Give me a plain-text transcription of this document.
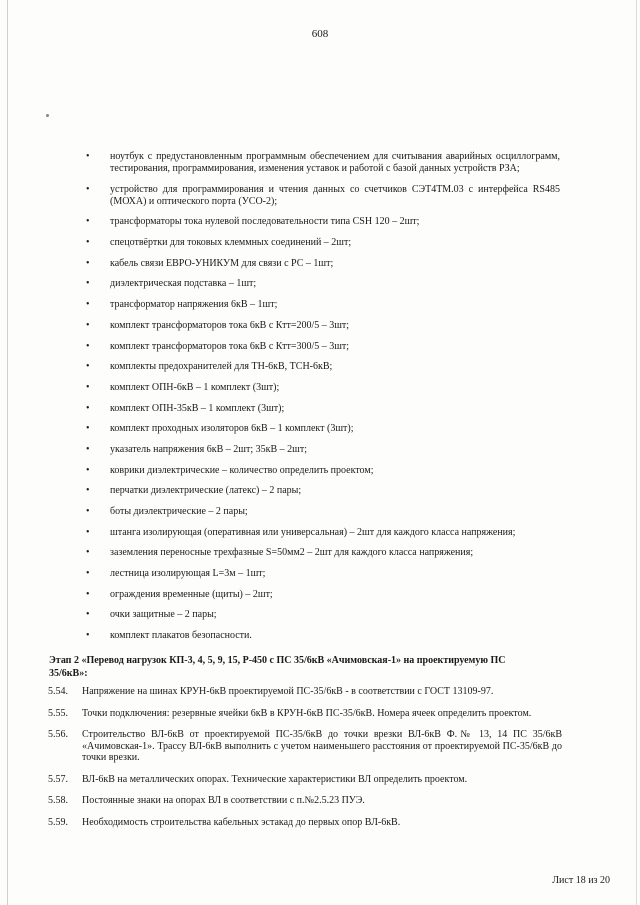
608
• ноутбук с предустановленным программным обеспечением для считывания аварийных осциллограмм, тестирования, программирования, изменения уставок и работой с базой данных устройств РЗА;
• устройство для программирования и чтения данных со счетчиков СЭТ4ТМ.03 с интерфейса RS485 (МОХА) и оптического порта (УСО-2);
• трансформаторы тока нулевой последовательности типа CSH 120 – 2шт;
• спецотвёртки для токовых клеммных соединений – 2шт;
• кабель связи ЕВРО-УНИКУМ для связи с РС – 1шт;
• диэлектрическая подставка – 1шт;
• трансформатор напряжения 6кВ – 1шт;
• комплект трансформаторов тока 6кВ с Ктт=200/5 – 3шт;
• комплект трансформаторов тока 6кВ с Ктт=300/5 – 3шт;
• комплекты предохранителей для ТН-6кВ, ТСН-6кВ;
• комплект ОПН-6кВ – 1 комплект (3шт);
• комплект ОПН-35кВ – 1 комплект (3шт);
• комплект проходных изоляторов 6кВ – 1 комплект (3шт);
• указатель напряжения 6кВ – 2шт; 35кВ – 2шт;
• коврики диэлектрические – количество определить проектом;
• перчатки диэлектрические (латекс) – 2 пары;
• боты диэлектрические – 2 пары;
• штанга изолирующая (оперативная или универсальная) – 2шт для каждого класса напряжения;
• заземления переносные трехфазные S=50мм2 – 2шт для каждого класса напряжения;
• лестница изолирующая L=3м – 1шт;
• ограждения временные (щиты) – 2шт;
• очки защитные – 2 пары;
• комплект плакатов безопасности.
Этап 2 «Перевод нагрузок КП-3, 4, 5, 9, 15, Р-450 с ПС 35/6кВ «Ачимовская-1» на проектируемую ПС 35/6кВ»:
5.54.	Напряжение на шинах КРУН-6кВ проектируемой ПС-35/6кВ - в соответствии с ГОСТ 13109-97.
5.55.	Точки подключения: резервные ячейки 6кВ в КРУН-6кВ ПС-35/6кВ. Номера ячеек определить проектом.
5.56.	Строительство ВЛ-6кВ от проектируемой ПС-35/6кВ до точки врезки ВЛ-6кВ Ф.№ 13, 14 ПС 35/6кВ «Ачимовская-1». Трассу ВЛ-6кВ выполнить с учетом наименьшего расстояния от проектируемой ПС-35/6кВ до точки врезки.
5.57.	ВЛ-6кВ на металлических опорах. Технические характеристики ВЛ определить проектом.
5.58.	Постоянные знаки на опорах ВЛ в соответствии с п.№2.5.23 ПУЭ.
5.59.	Необходимость строительства кабельных эстакад до первых опор ВЛ-6кВ.
Лист 18 из 20
